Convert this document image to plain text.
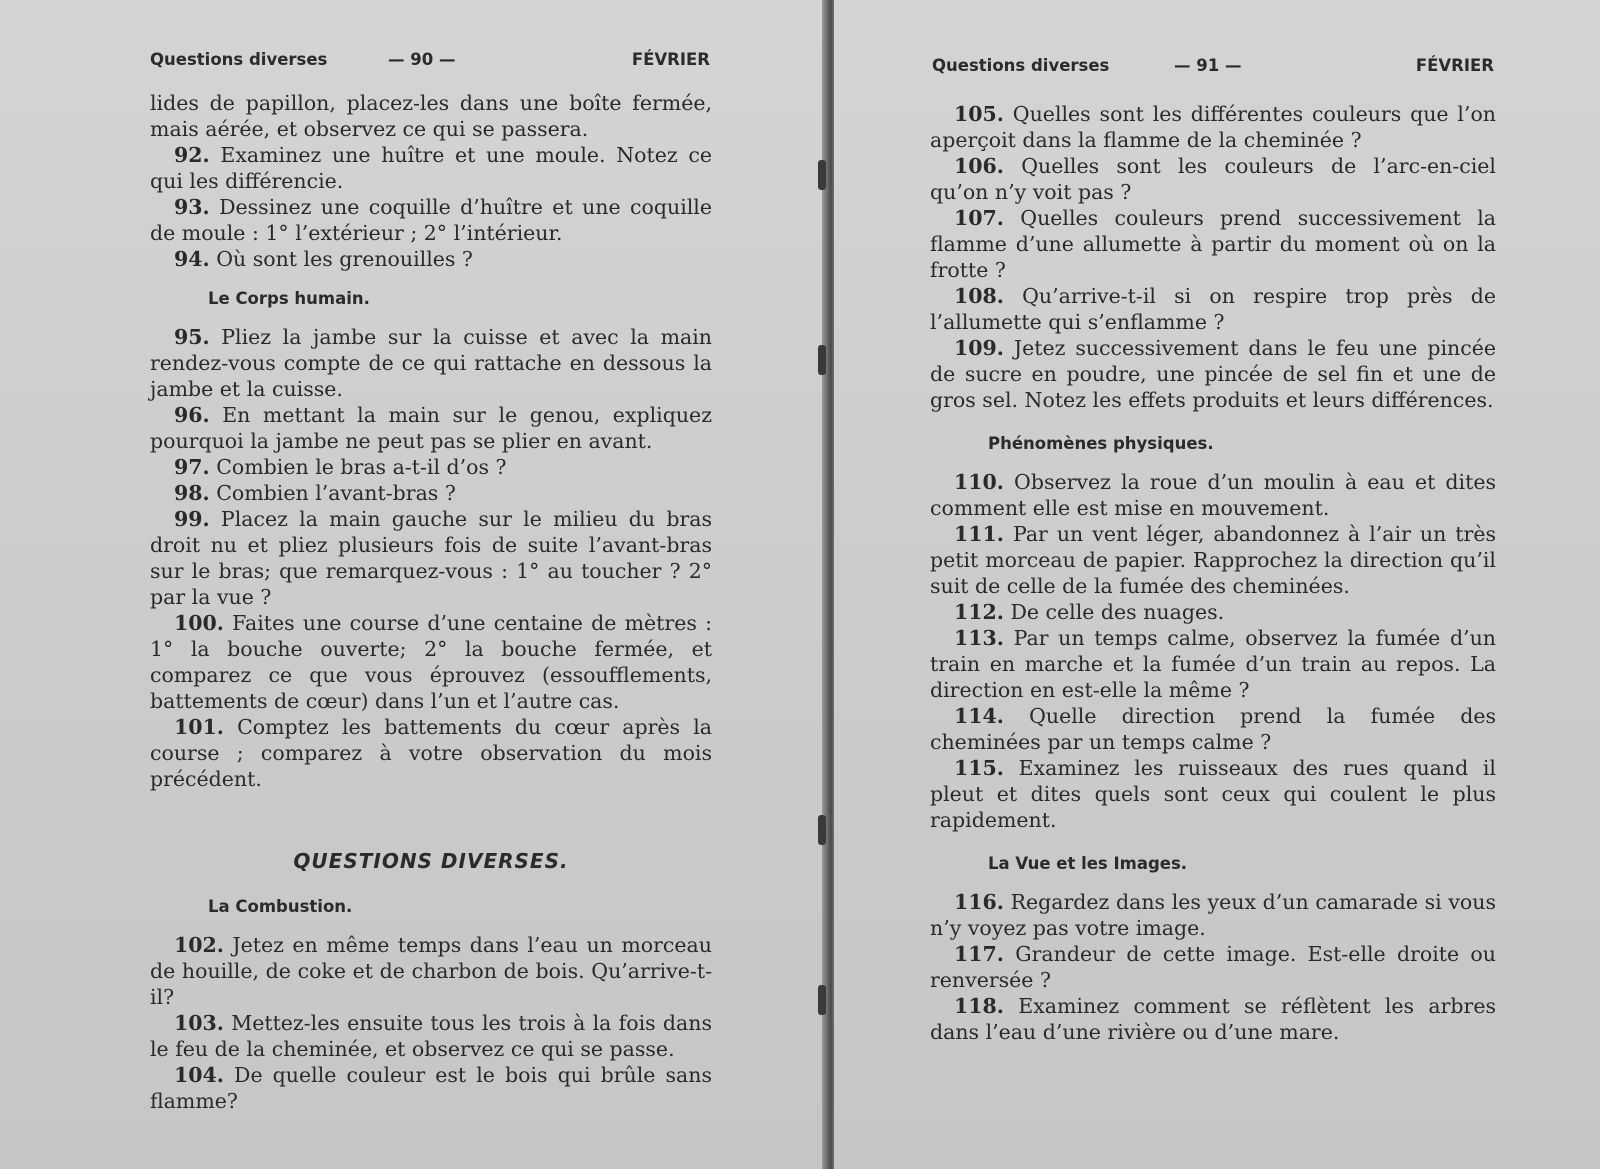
Questions diverses	— 90 —	FÉVRIER

lides de papillon, placez-les dans une boîte fermée, mais aérée, et observez ce qui se passera.

92. Examinez une huître et une moule. Notez ce qui les différencie.

93. Dessinez une coquille d’huître et une coquille de moule : 1° l’extérieur ; 2° l’intérieur.

94. Où sont les grenouilles ?

Le Corps humain.

95. Pliez la jambe sur la cuisse et avec la main rendez-vous compte de ce qui rattache en dessous la jambe et la cuisse.

96. En mettant la main sur le genou, expliquez pourquoi la jambe ne peut pas se plier en avant.

97. Combien le bras a-t-il d’os ?

98. Combien l’avant-bras ?

99. Placez la main gauche sur le milieu du bras droit nu et pliez plusieurs fois de suite l’avant-bras sur le bras; que remarquez-vous : 1° au toucher ? 2° par la vue ?

100. Faites une course d’une centaine de mètres : 1° la bouche ouverte; 2° la bouche fermée, et comparez ce que vous éprouvez (essoufflements, battements de cœur) dans l’un et l’autre cas.

101. Comptez les battements du cœur après la course ; comparez à votre observation du mois précédent.

QUESTIONS DIVERSES.
La Combustion.

102. Jetez en même temps dans l’eau un morceau de houille, de coke et de charbon de bois. Qu’arrive-t-il?

103. Mettez-les ensuite tous les trois à la fois dans le feu de la cheminée, et observez ce qui se passe.

104. De quelle couleur est le bois qui brûle sans flamme?

Questions diverses	— 91 —	FÉVRIER

105. Quelles sont les différentes couleurs que l’on aperçoit dans la flamme de la cheminée ?

106. Quelles sont les couleurs de l’arc-en-ciel qu’on n’y voit pas ?

107. Quelles couleurs prend successivement la flamme d’une allumette à partir du moment où on la frotte ?

108. Qu’arrive-t-il si on respire trop près de l’allumette qui s’enflamme ?

109. Jetez successivement dans le feu une pincée de sucre en poudre, une pincée de sel fin et une de gros sel. Notez les effets produits et leurs différences.

Phénomènes physiques.

110. Observez la roue d’un moulin à eau et dites comment elle est mise en mouvement.

111. Par un vent léger, abandonnez à l’air un très petit morceau de papier. Rapprochez la direction qu’il suit de celle de la fumée des cheminées.

112. De celle des nuages.

113. Par un temps calme, observez la fumée d’un train en marche et la fumée d’un train au repos. La direction en est-elle la même ?

114. Quelle direction prend la fumée des cheminées par un temps calme ?

115. Examinez les ruisseaux des rues quand il pleut et dites quels sont ceux qui coulent le plus rapidement.

La Vue et les Images.

116. Regardez dans les yeux d’un camarade si vous n’y voyez pas votre image.

117. Grandeur de cette image. Est-elle droite ou renversée ?

118. Examinez comment se réflètent les arbres dans l’eau d’une rivière ou d’une mare.
